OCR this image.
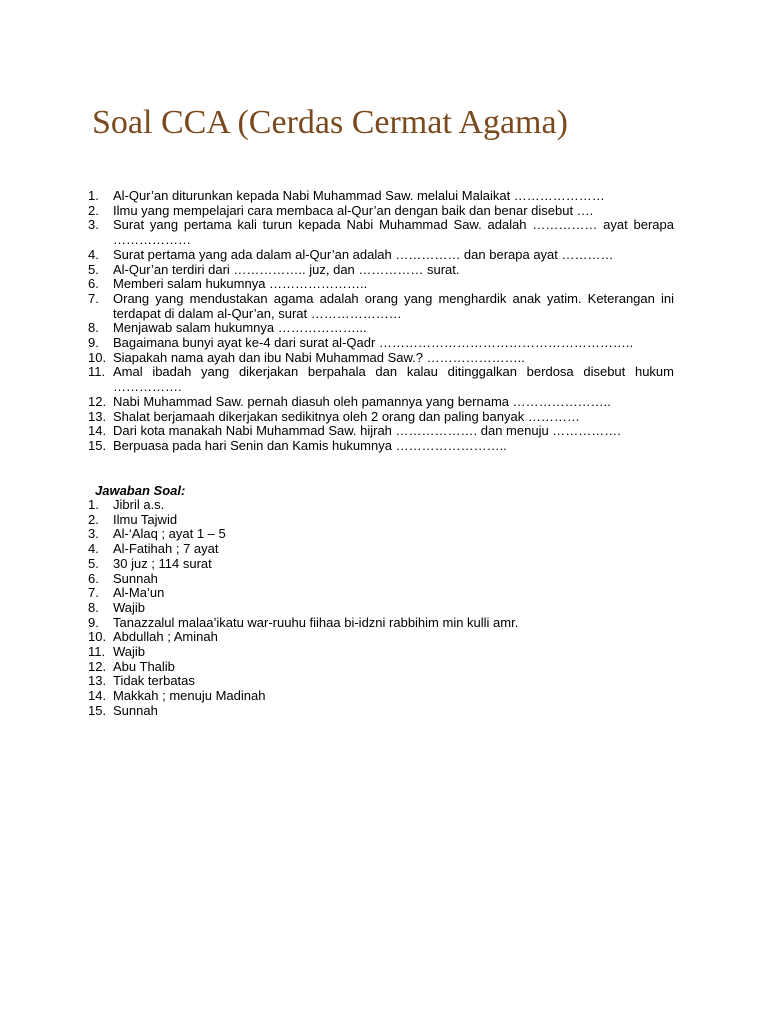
Soal CCA (Cerdas Cermat Agama)
1. Al-Qur’an diturunkan kepada Nabi Muhammad Saw. melalui Malaikat …………………
2. Ilmu yang mempelajari cara membaca al-Qur’an dengan baik dan benar disebut ….
3. Surat yang pertama kali turun kepada Nabi Muhammad Saw. adalah …………… ayat berapa ………………
4. Surat pertama yang ada dalam al-Qur’an adalah …………… dan berapa ayat …………
5. Al-Qur’an terdiri dari …………….. juz, dan …………… surat.
6. Memberi salam hukumnya …………………..
7. Orang yang mendustakan agama adalah orang yang menghardik anak yatim. Keterangan ini terdapat di dalam al-Qur’an, surat …………………
8. Menjawab salam hukumnya ………………...
9. Bagaimana bunyi ayat ke-4 dari surat al-Qadr …………………………………………………..
10. Siapakah nama ayah dan ibu Nabi Muhammad Saw.? …………………..
11. Amal ibadah yang dikerjakan berpahala dan kalau ditinggalkan berdosa disebut hukum …………….
12. Nabi Muhammad Saw. pernah diasuh oleh pamannya yang bernama …………………..
13. Shalat berjamaah dikerjakan sedikitnya oleh 2 orang dan paling banyak …………
14. Dari kota manakah Nabi Muhammad Saw. hijrah ………………. dan menuju …………….
15. Berpuasa pada hari Senin dan Kamis hukumnya ……………………..

Jawaban Soal:

1. Jibril a.s.
2. Ilmu Tajwid
3. Al-‘Alaq ; ayat 1 – 5
4. Al-Fatihah ; 7 ayat
5. 30 juz ; 114 surat
6. Sunnah
7. Al-Ma’un
8. Wajib
9. Tanazzalul malaa’ikatu war-ruuhu fiihaa bi-idzni rabbihim min kulli amr.
10. Abdullah ; Aminah
11. Wajib
12. Abu Thalib
13. Tidak terbatas
14. Makkah ; menuju Madinah
15. Sunnah
